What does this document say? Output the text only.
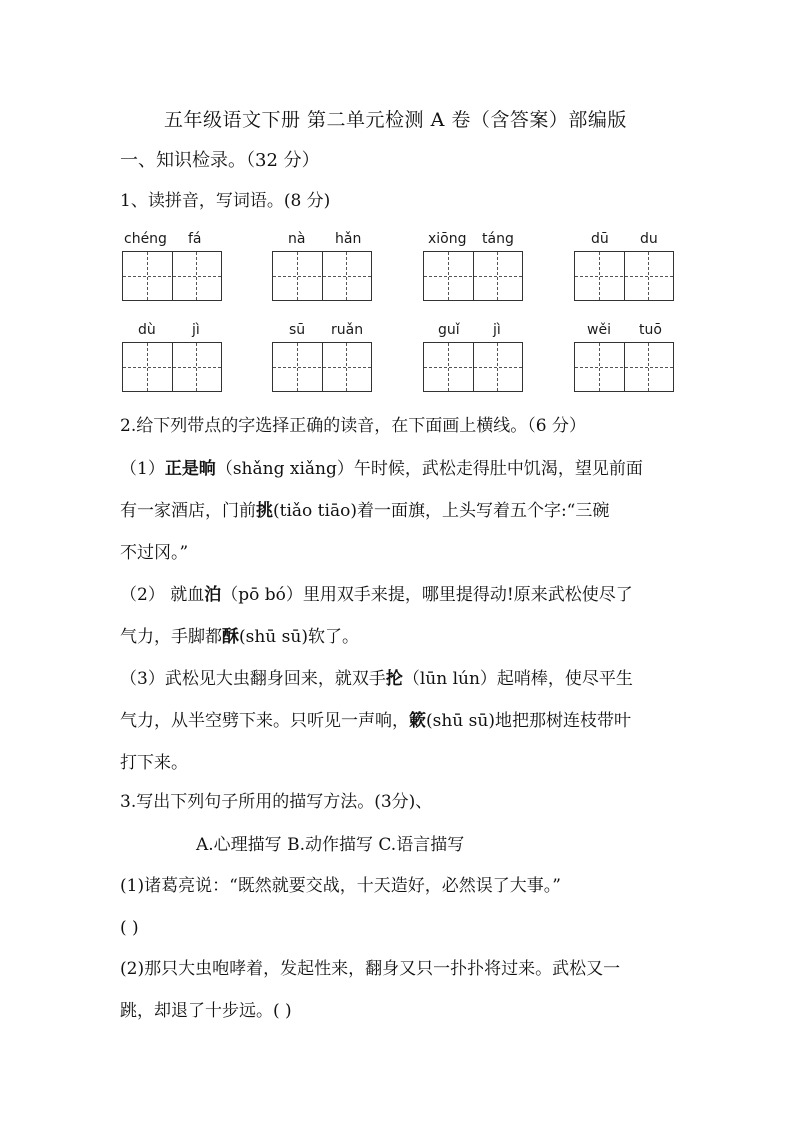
五年级语文下册 第二单元检测 A 卷（含答案）部编版
一、知识检录。（32 分）
1、读拼音，写词语。(8 分)
chéng fá	nà hǎn	xiōng táng	dū du
dù	jì	sū ruǎn	guǐ jì	wěi tuō
2.给下列带点的字选择正确的读音，在下面画上横线。（6 分）
（1）正是晌（shǎng xiǎng）午时候，武松走得肚中饥渴，望见前面
有一家酒店，门前挑(tiǎo tiāo)着一面旗，上头写着五个字:“三碗
不过冈。”
（2） 就血泊（pō bó）里用双手来提，哪里提得动!原来武松使尽了
气力，手脚都酥(shū sū)软了。
（3）武松见大虫翻身回来，就双手抡（lūn lún）起哨棒，使尽平生
气力，从半空劈下来。只听见一声响，簌(shū sū)地把那树连枝带叶
打下来。
3.写出下列句子所用的描写方法。(3分)、
A.心理描写 B.动作描写 C.语言描写
(1)诸葛亮说：“既然就要交战，十天造好，必然误了大事。”
( )
(2)那只大虫咆哮着，发起性来，翻身又只一扑扑将过来。武松又一
跳，却退了十步远。( )
